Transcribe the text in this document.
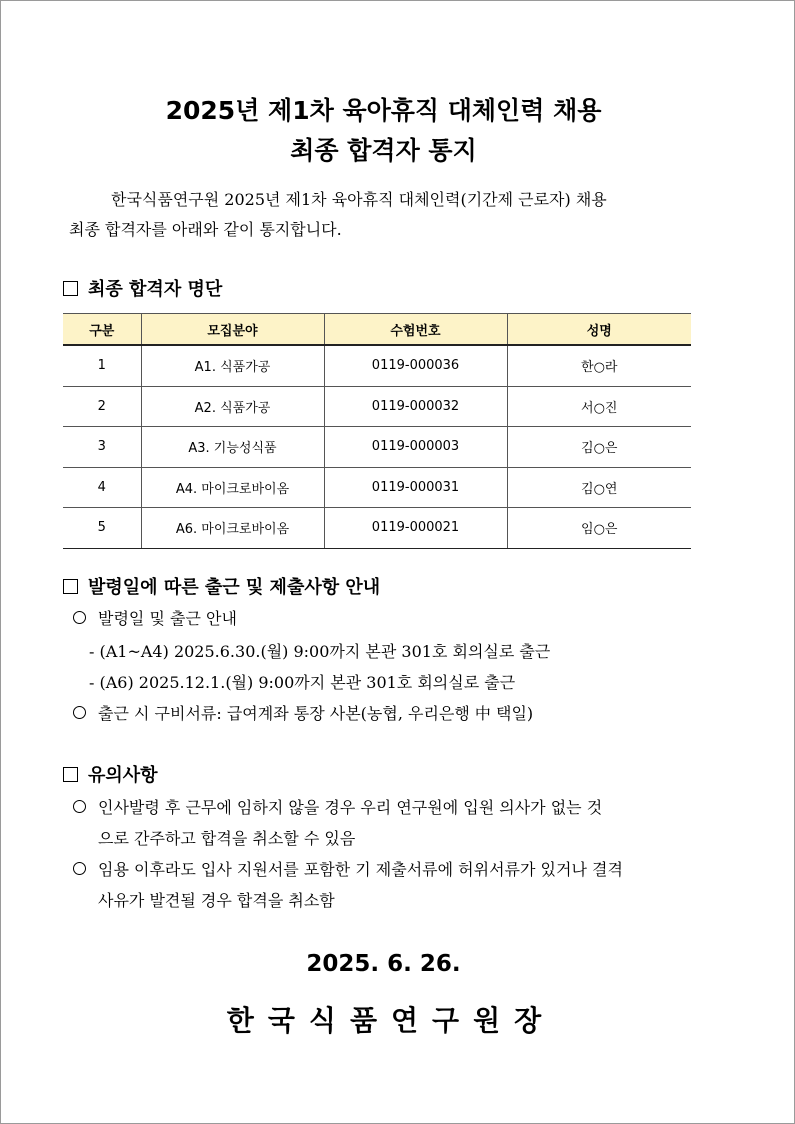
2025년 제1차 육아휴직 대체인력 채용
최종 합격자 통지
한국식품연구원 2025년 제1차 육아휴직 대체인력(기간제 근로자) 채용
최종 합격자를 아래와 같이 통지합니다.
최종 합격자 명단
구분	모집분야	수험번호	성명
1	A1. 식품가공	0119-000036	한○라
2	A2. 식품가공	0119-000032	서○진
3	A3. 기능성식품	0119-000003	김○은
4	A4. 마이크로바이옴	0119-000031	김○연
5	A6. 마이크로바이옴	0119-000021	임○은
발령일에 따른 출근 및 제출사항 안내
발령일 및 출근 안내
- (A1~A4) 2025.6.30.(월) 9:00까지 본관 301호 회의실로 출근
- (A6) 2025.12.1.(월) 9:00까지 본관 301호 회의실로 출근
출근 시 구비서류: 급여계좌 통장 사본(농협, 우리은행 中 택일)
유의사항
인사발령 후 근무에 임하지 않을 경우 우리 연구원에 입원 의사가 없는 것
으로 간주하고 합격을 취소할 수 있음
임용 이후라도 입사 지원서를 포함한 기 제출서류에 허위서류가 있거나 결격
사유가 발견될 경우 합격을 취소함
2025. 6. 26.
한국식품연구원장
